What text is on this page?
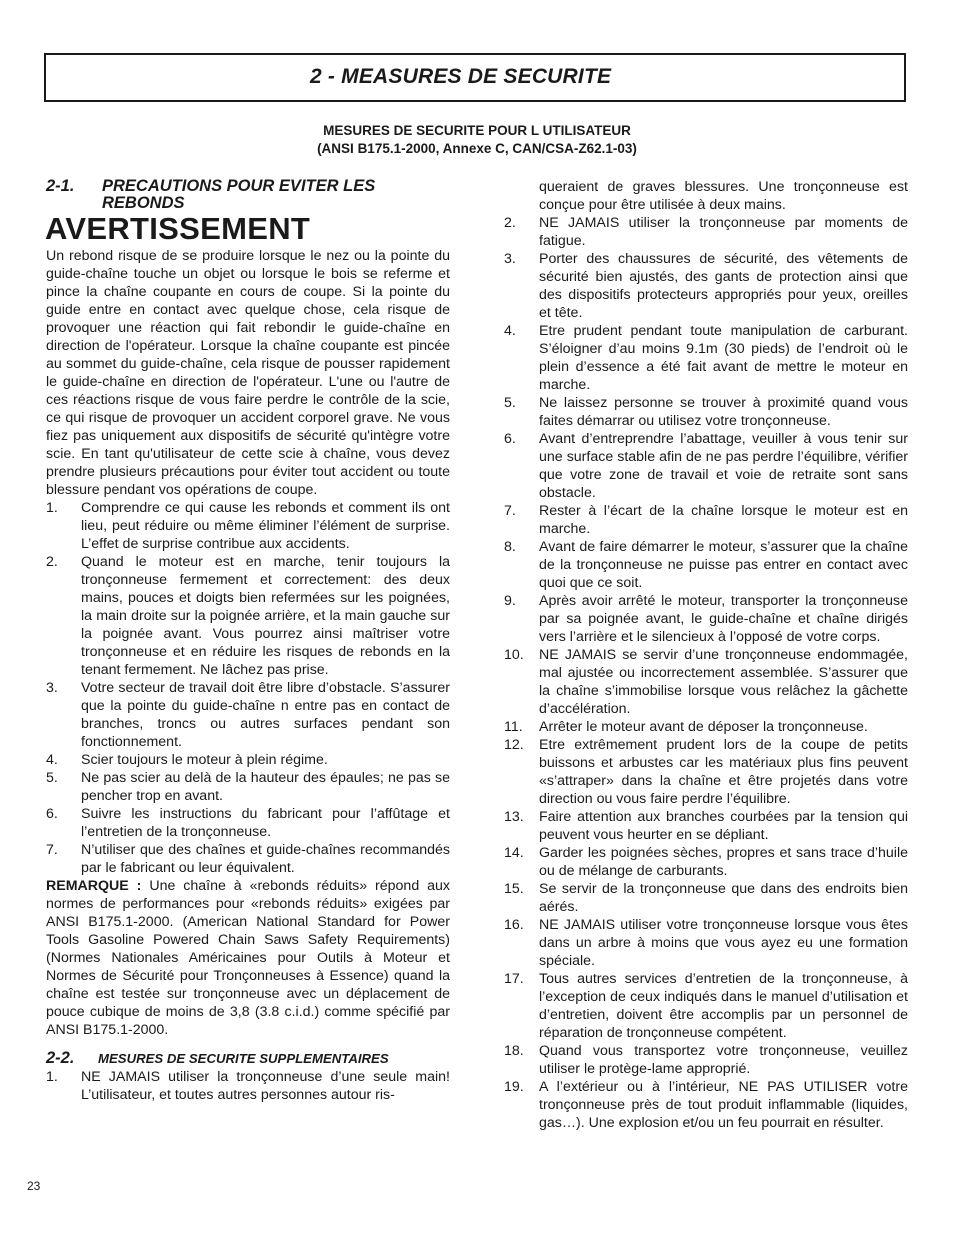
2 - MEASURES DE SECURITE
MESURES DE SECURITE POUR L UTILISATEUR
(ANSI B175.1-2000, Annexe C, CAN/CSA-Z62.1-03)
2-1. PRECAUTIONS POUR EVITER LES
REBONDS
AVERTISSEMENT

Un rebond risque de se produire lorsque le nez ou la pointe du guide-chaîne touche un objet ou lorsque le bois se referme et pince la chaîne coupante en cours de coupe. Si la pointe du guide entre en contact avec quelque chose, cela risque de provoquer une réaction qui fait rebondir le guide-chaîne en direction de l'opérateur. Lorsque la chaîne coupante est pincée au sommet du guide-chaîne, cela risque de pousser rapidement le guide-chaîne en direction de l'opérateur. L'une ou l'autre de ces réactions risque de vous faire perdre le contrôle de la scie, ce qui risque de provoquer un accident corporel grave. Ne vous fiez pas uniquement aux dispositifs de sécurité qu'intègre votre scie. En tant qu'utilisateur de cette scie à chaîne, vous devez prendre plusieurs précautions pour éviter tout accident ou toute blessure pendant vos opérations de coupe.

1. Comprendre ce qui cause les rebonds et comment ils ont lieu, peut réduire ou même éliminer l’élément de surprise. L’effet de surprise contribue aux accidents.
2. Quand le moteur est en marche, tenir toujours la tronçonneuse fermement et correctement: des deux mains, pouces et doigts bien refermées sur les poignées, la main droite sur la poignée arrière, et la main gauche sur la poignée avant. Vous pourrez ainsi maîtriser votre tronçonneuse et en réduire les risques de rebonds en la tenant fermement. Ne lâchez pas prise.
3. Votre secteur de travail doit être libre d’obstacle. S’assurer que la pointe du guide-chaîne n entre pas en contact de branches, troncs ou autres surfaces pendant son fonctionnement.
4. Scier toujours le moteur à plein régime.
5. Ne pas scier au delà de la hauteur des épaules; ne pas se pencher trop en avant.
6. Suivre les instructions du fabricant pour l’affûtage et l’entretien de la tronçonneuse.
7. N’utiliser que des chaînes et guide-chaînes recommandés par le fabricant ou leur équivalent.

REMARQUE : Une chaîne à «rebonds réduits» répond aux normes de performances pour «rebonds réduits» exigées par ANSI B175.1-2000. (American National Standard for Power Tools Gasoline Powered Chain Saws Safety Requirements) (Normes Nationales Américaines pour Outils à Moteur et Normes de Sécurité pour Tronçonneuses à Essence) quand la chaîne est testée sur tronçonneuse avec un déplacement de pouce cubique de moins de 3,8 (3.8 c.i.d.) comme spécifié par ANSI B175.1-2000.

2-2. MESURES DE SECURITE SUPPLEMENTAIRES
1. NE JAMAIS utiliser la tronçonneuse d’une seule main! L’utilisateur, et toutes autres personnes autour ris-
queraient de graves blessures. Une tronçonneuse est conçue pour être utilisée à deux mains.
2. NE JAMAIS utiliser la tronçonneuse par moments de fatigue.
3. Porter des chaussures de sécurité, des vêtements de sécurité bien ajustés, des gants de protection ainsi que des dispositifs protecteurs appropriés pour yeux, oreilles et tête.
4. Etre prudent pendant toute manipulation de carburant. S’éloigner d’au moins 9.1m (30 pieds) de l’endroit où le plein d’essence a été fait avant de mettre le moteur en marche.
5. Ne laissez personne se trouver à proximité quand vous faites démarrar ou utilisez votre tronçonneuse.
6. Avant d’entreprendre l’abattage, veuiller à vous tenir sur une surface stable afin de ne pas perdre l’équilibre, vérifier que votre zone de travail et voie de retraite sont sans obstacle.
7. Rester à l’écart de la chaîne lorsque le moteur est en marche.
8. Avant de faire démarrer le moteur, s’assurer que la chaîne de la tronçonneuse ne puisse pas entrer en contact avec quoi que ce soit.
9. Après avoir arrêté le moteur, transporter la tronçonneuse par sa poignée avant, le guide-chaîne et chaîne dirigés vers l’arrière et le silencieux à l’opposé de votre corps.
10. NE JAMAIS se servir d’une tronçonneuse endommagée, mal ajustée ou incorrectement assemblée. S’assurer que la chaîne s’immobilise lorsque vous relâchez la gâchette d’accélération.
11. Arrêter le moteur avant de déposer la tronçonneuse.
12. Etre extrêmement prudent lors de la coupe de petits buissons et arbustes car les matériaux plus fins peuvent «s’attraper» dans la chaîne et être projetés dans votre direction ou vous faire perdre l’équilibre.
13. Faire attention aux branches courbées par la tension qui peuvent vous heurter en se dépliant.
14. Garder les poignées sèches, propres et sans trace d’huile ou de mélange de carburants.
15. Se servir de la tronçonneuse que dans des endroits bien aérés.
16. NE JAMAIS utiliser votre tronçonneuse lorsque vous êtes dans un arbre à moins que vous ayez eu une formation spéciale.
17. Tous autres services d’entretien de la tronçonneuse, à l’exception de ceux indiqués dans le manuel d’utilisation et d’entretien, doivent être accomplis par un personnel de réparation de tronçonneuse compétent.
18. Quand vous transportez votre tronçonneuse, veuillez utiliser le protège-lame approprié.
19. A l’extérieur ou à l’intérieur, NE PAS UTILISER votre tronçonneuse près de tout produit inflammable (liquides, gas…). Une explosion et/ou un feu pourrait en résulter.
23
